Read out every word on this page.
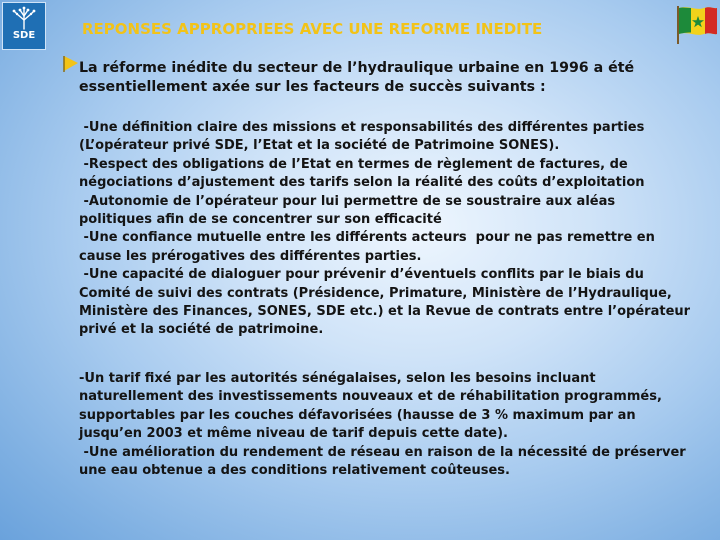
SDE	REPONSES APPROPRIEES AVEC UNE REFORME INEDITE

La réforme inédite du secteur de l’hydraulique urbaine en 1996 a été essentiellement axée sur les facteurs de succès suivants :

-Une définition claire des missions et responsabilités des différentes parties (L’opérateur privé SDE, l’Etat et la société de Patrimoine SONES).

-Respect des obligations de l’Etat en termes de règlement de factures, de négociations d’ajustement des tarifs selon la réalité des coûts d’exploitation

-Autonomie de l’opérateur pour lui permettre de se soustraire aux aléas politiques afin de se concentrer sur son efficacité

-Une confiance mutuelle entre les différents acteurs  pour ne pas remettre en cause les prérogatives des différentes parties.

-Une capacité de dialoguer pour prévenir d’éventuels conflits par le biais du Comité de suivi des contrats (Présidence, Primature, Ministère de l’Hydraulique, Ministère des Finances, SONES, SDE etc.) et la Revue de contrats entre l’opérateur privé et la société de patrimoine.

-Un tarif fixé par les autorités sénégalaises, selon les besoins incluant naturellement des investissements nouveaux et de réhabilitation programmés, supportables par les couches défavorisées (hausse de 3 % maximum par an jusqu’en 2003 et même niveau de tarif depuis cette date).

-Une amélioration du rendement de réseau en raison de la nécessité de préserver une eau obtenue a des conditions relativement coûteuses.
